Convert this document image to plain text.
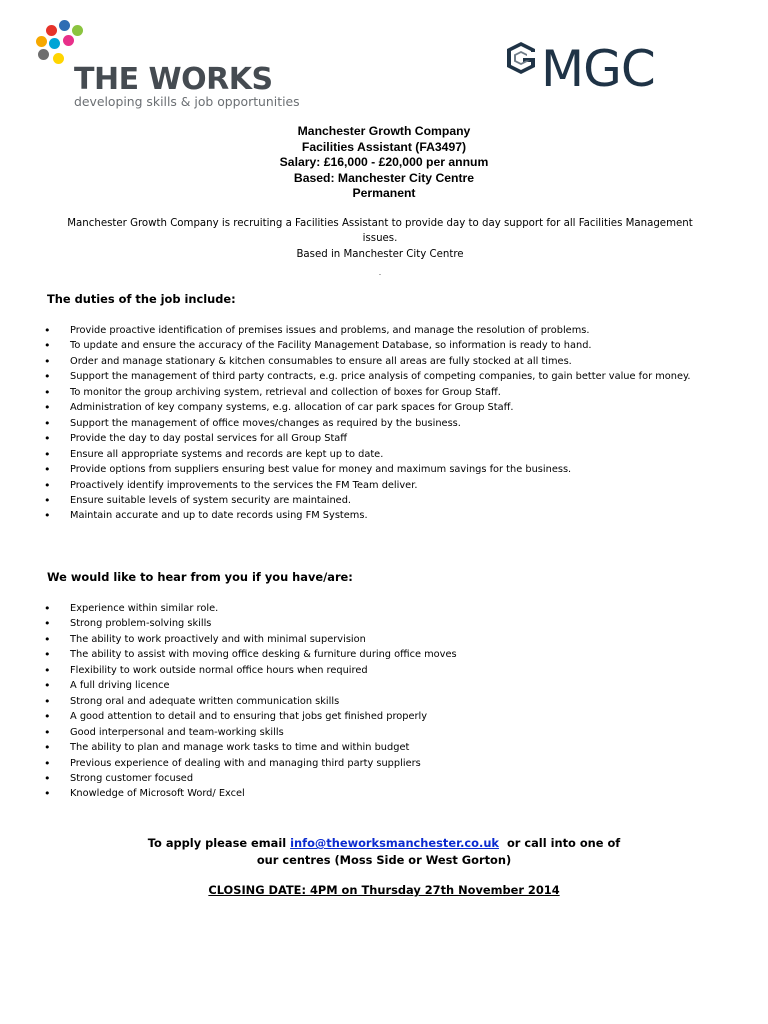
THE WORKS
developing skills & job opportunities
MGC
Manchester Growth Company
Facilities Assistant (FA3497)
Salary: £16,000 - £20,000 per annum
Based: Manchester City Centre
Permanent
Manchester Growth Company is recruiting a Facilities Assistant to provide day to day support for all Facilities Management issues.
Based in Manchester City Centre
.
The duties of the job include:
• Provide proactive identification of premises issues and problems, and manage the resolution of problems.
• To update and ensure the accuracy of the Facility Management Database, so information is ready to hand.
• Order and manage stationary & kitchen consumables to ensure all areas are fully stocked at all times.
• Support the management of third party contracts, e.g. price analysis of competing companies, to gain better value for money.
• To monitor the group archiving system, retrieval and collection of boxes for Group Staff.
• Administration of key company systems, e.g. allocation of car park spaces for Group Staff.
• Support the management of office moves/changes as required by the business.
• Provide the day to day postal services for all Group Staff
• Ensure all appropriate systems and records are kept up to date.
• Provide options from suppliers ensuring best value for money and maximum savings for the business.
• Proactively identify improvements to the services the FM Team deliver.
• Ensure suitable levels of system security are maintained.
• Maintain accurate and up to date records using FM Systems.
We would like to hear from you if you have/are:
• Experience within similar role.
• Strong problem-solving skills
• The ability to work proactively and with minimal supervision
• The ability to assist with moving office desking & furniture during office moves
• Flexibility to work outside normal office hours when required
• A full driving licence
• Strong oral and adequate written communication skills
• A good attention to detail and to ensuring that jobs get finished properly
• Good interpersonal and team-working skills
• The ability to plan and manage work tasks to time and within budget
• Previous experience of dealing with and managing third party suppliers
• Strong customer focused
• Knowledge of Microsoft Word/ Excel
To apply please email info@theworksmanchester.co.uk  or call into one of
our centres (Moss Side or West Gorton)
CLOSING DATE: 4PM on Thursday 27th November 2014
